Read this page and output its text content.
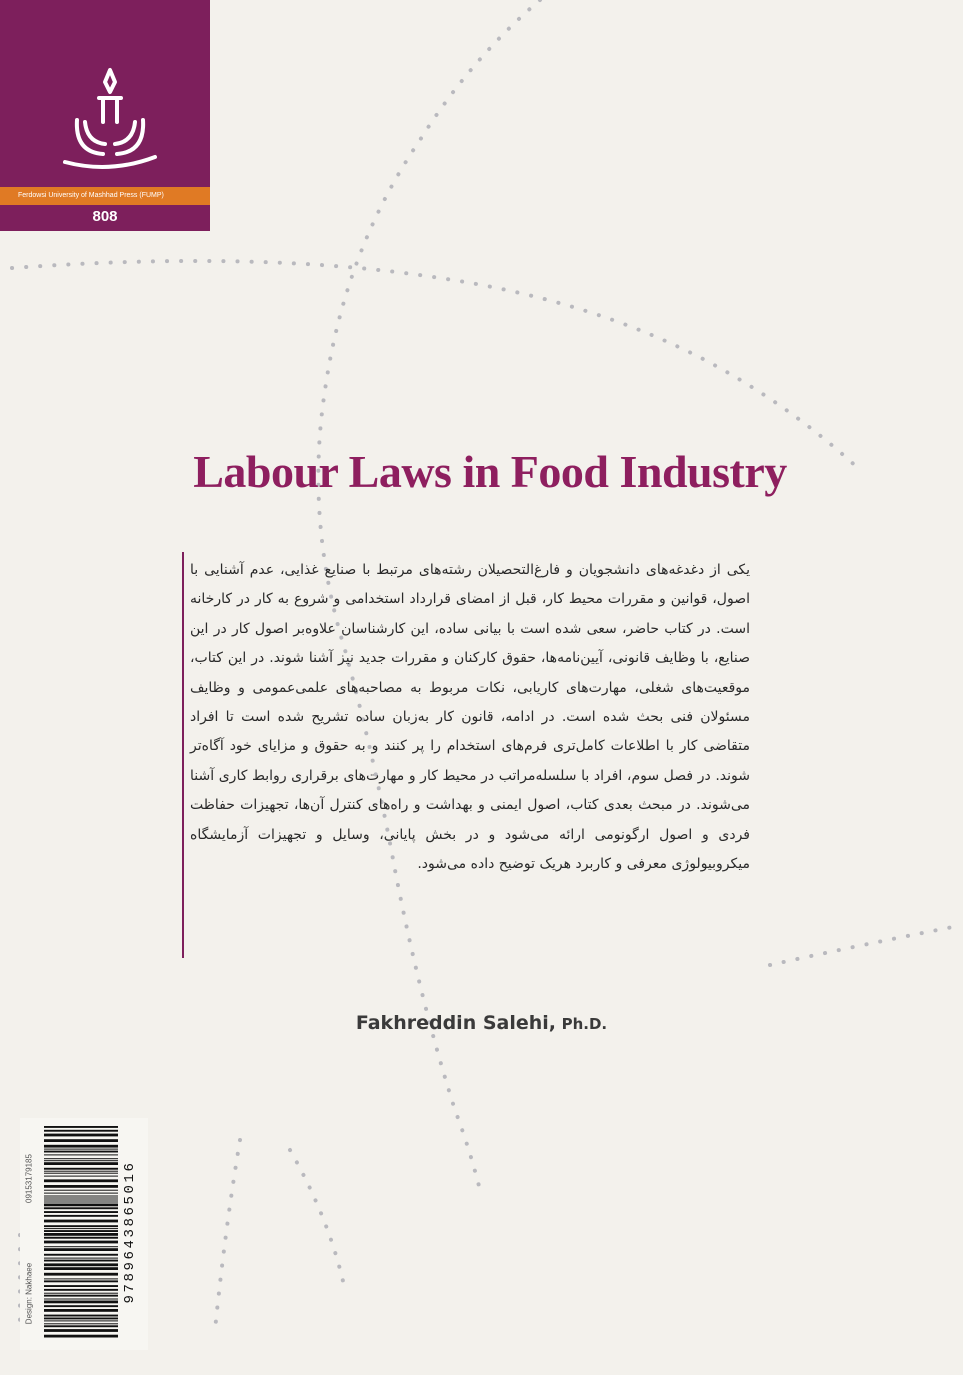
Ferdowsi University of Mashhad Press (FUMP)
808
Labour Laws in Food Industry

یکی از دغدغه‌های دانشجویان و فارغ‌التحصیلان رشته‌های مرتبط با صنایع غذایی، عدم آشنایی با اصول، قوانین و مقررات محیط کار، قبل از امضای قرارداد استخدامی و شروع به کار در کارخانه است. در کتاب حاضر، سعی شده است با بیانی ساده، این کارشناسان علاوه‌بر اصول کار در این صنایع، با وظایف قانونی، آیین‌نامه‌ها، حقوق کارکنان و مقررات جدید نیز آشنا شوند. در این کتاب، موقعیت‌های شغلی، مهارت‌های کاریابی، نکات مربوط به مصاحبه‌های علمی‌عمومی و وظایف مسئولان فنی بحث شده است. در ادامه، قانون کار به‌زبان ساده تشریح شده است تا افراد متقاضی کار با اطلاعات کامل‌تری فرم‌های استخدام را پر کنند و به حقوق و مزایای خود آگاه‌تر شوند. در فصل سوم، افراد با سلسله‌مراتب در محیط کار و مهارت‌های برقراری روابط کاری آشنا می‌شوند. در مبحث بعدی کتاب، اصول ایمنی و بهداشت و راه‌های کنترل آن‌ها، تجهیزات حفاظت فردی و اصول ارگونومی ارائه می‌شود و در بخش پایانی، وسایل و تجهیزات آزمایشگاه میکروبیولوژی معرفی و کاربرد هریک توضیح داده می‌شود.

Fakhreddin Salehi, Ph.D.
9789643865016
09153179185
Design: Nakhaee
